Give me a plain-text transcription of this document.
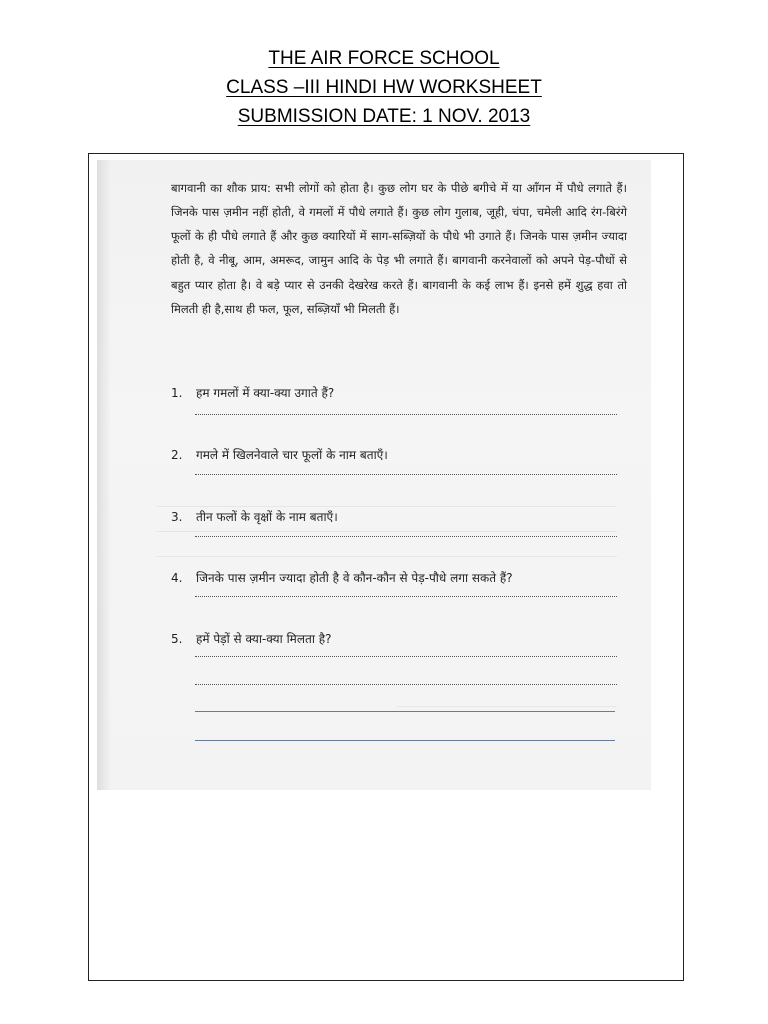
THE AIR FORCE SCHOOL
CLASS –III HINDI HW WORKSHEET
SUBMISSION DATE: 1 NOV. 2013

बागवानी का शौक प्राय: सभी लोगों को होता है। कुछ लोग घर के पीछे बगीचे में या आँगन में पौधे लगाते हैं। जिनके पास ज़मीन नहीं होती, वे गमलों में पौधे लगाते हैं। कुछ लोग गुलाब, जूही, चंपा, चमेली आदि रंग-बिरंगे फूलों के ही पौधे लगाते हैं और कुछ क्यारियों में साग-सब्ज़ियों के पौधे भी उगाते हैं। जिनके पास ज़मीन ज्यादा होती है, वे नीबू, आम, अमरूद, जामुन आदि के पेड़ भी लगाते हैं। बागवानी करनेवालों को अपने पेड़-पौधों से बहुत प्यार होता है। वे बड़े प्यार से उनकी देखरेख करते हैं। बागवानी के कई लाभ हैं। इनसे हमें शुद्ध हवा तो मिलती ही है,साथ ही फल, फूल, सब्ज़ियाँ भी मिलती हैं।

1. हम गमलों में क्या-क्या उगाते हैं?
2. गमले में खिलनेवाले चार फूलों के नाम बताएँ।
3. तीन फलों के वृक्षों के नाम बताएँ।
4. जिनके पास ज़मीन ज्यादा होती है वे कौन-कौन से पेड़-पौधे लगा सकते हैं?
5. हमें पेड़ों से क्या-क्या मिलता है?
